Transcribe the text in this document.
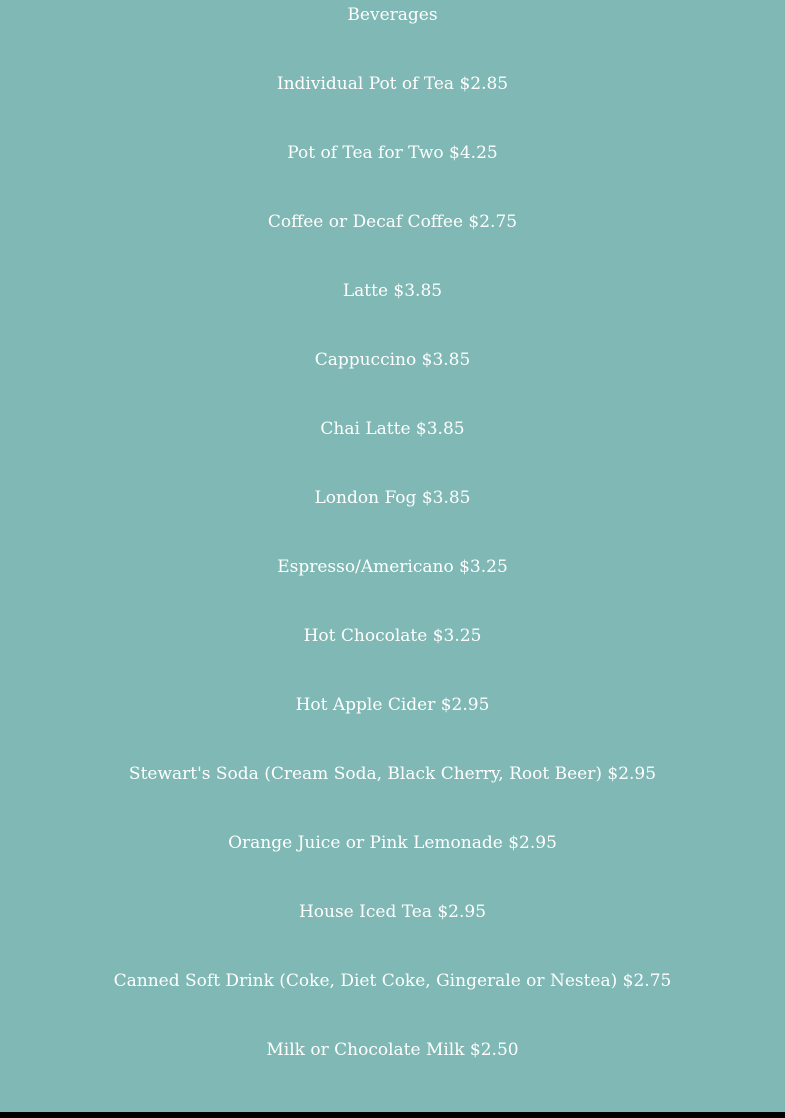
Beverages
Individual Pot of Tea $2.85
Pot of Tea for Two $4.25
Coffee or Decaf Coffee $2.75
Latte $3.85
Cappuccino $3.85
Chai Latte $3.85
London Fog $3.85
Espresso/Americano $3.25
Hot Chocolate $3.25
Hot Apple Cider $2.95
Stewart's Soda (Cream Soda, Black Cherry, Root Beer) $2.95
Orange Juice or Pink Lemonade $2.95
House Iced Tea $2.95
Canned Soft Drink (Coke, Diet Coke, Gingerale or Nestea) $2.75
Milk or Chocolate Milk $2.50
